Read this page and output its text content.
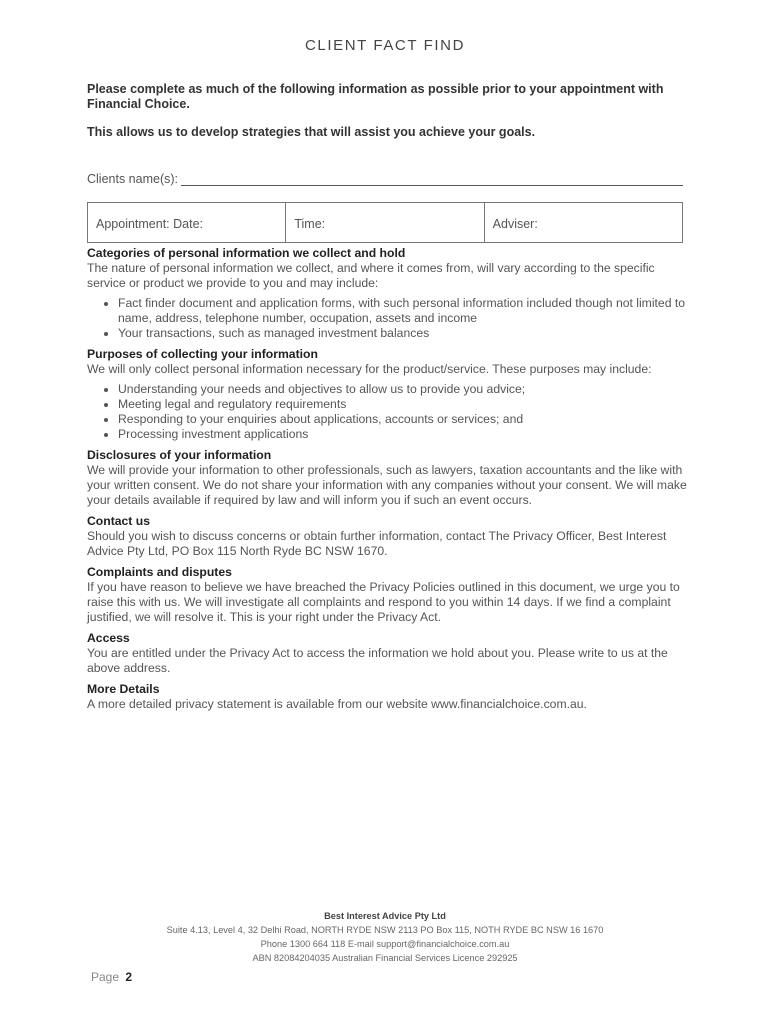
CLIENT FACT FIND
Please complete as much of the following information as possible prior to your appointment with Financial Choice.
This allows us to develop strategies that will assist you achieve your goals.
Clients name(s):
Appointment: Date:	Time:	Adviser:

Categories of personal information we collect and hold

The nature of personal information we collect, and where it comes from, will vary according to the specific service or product we provide to you and may include:

• Fact finder document and application forms, with such personal information included though not limited to name, address, telephone number, occupation, assets and income
• Your transactions, such as managed investment balances

Purposes of collecting your information

We will only collect personal information necessary for the product/service. These purposes may include:

• Understanding your needs and objectives to allow us to provide you advice;
• Meeting legal and regulatory requirements
• Responding to your enquiries about applications, accounts or services; and
• Processing investment applications

Disclosures of your information

We will provide your information to other professionals, such as lawyers, taxation accountants and the like with your written consent. We do not share your information with any companies without your consent. We will make your details available if required by law and will inform you if such an event occurs.

Contact us

Should you wish to discuss concerns or obtain further information, contact The Privacy Officer, Best Interest Advice Pty Ltd, PO Box 115 North Ryde BC NSW 1670.

Complaints and disputes

If you have reason to believe we have breached the Privacy Policies outlined in this document, we urge you to raise this with us. We will investigate all complaints and respond to you within 14 days. If we find a complaint justified, we will resolve it. This is your right under the Privacy Act.

Access

You are entitled under the Privacy Act to access the information we hold about you. Please write to us at the above address.

More Details

A more detailed privacy statement is available from our website www.financialchoice.com.au.

Best Interest Advice Pty Ltd
Suite 4.13, Level 4, 32 Delhi Road, NORTH RYDE NSW 2113 PO Box 115, NOTH RYDE BC NSW 16 1670
Phone 1300 664 118 E-mail support@financialchoice.com.au
ABN 82084204035 Australian Financial Services Licence 292925
Page 2
